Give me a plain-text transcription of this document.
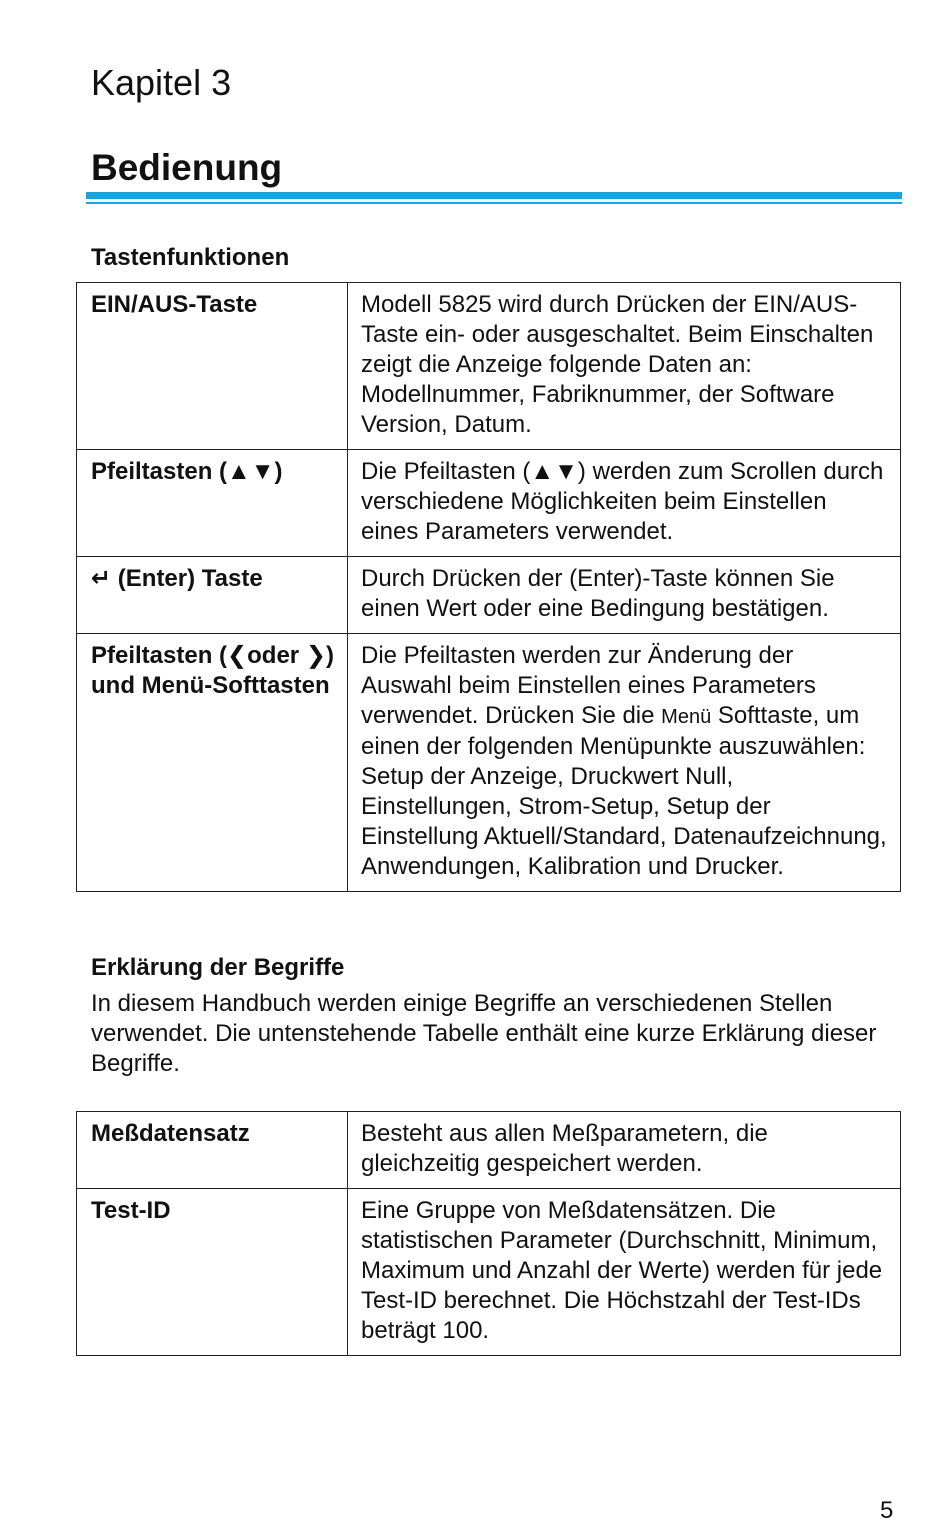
Kapitel 3
Bedienung
Tastenfunktionen
EIN/AUS-Taste	Modell 5825 wird durch Drücken der EIN/AUS-Taste ein- oder ausgeschaltet. Beim Einschalten zeigt die Anzeige folgende Daten an: Modellnummer, Fabriknummer, der Software Version, Datum.
Pfeiltasten (▲▼)	Die Pfeiltasten (▲▼) werden zum Scrollen durch verschiedene Möglichkeiten beim Einstellen eines Parameters verwendet.
↵ (Enter) Taste	Durch Drücken der (Enter)-Taste können Sie einen Wert oder eine Bedingung bestätigen.
Pfeiltasten (❮oder ❯) und Menü-Softtasten	Die Pfeiltasten werden zur Änderung der Auswahl beim Einstellen eines Parameters verwendet. Drücken Sie die Menü Softtaste, um einen der folgenden Menüpunkte auszuwählen: Setup der Anzeige, Druckwert Null, Einstellungen, Strom-Setup, Setup der Einstellung Aktuell/Standard, Datenaufzeichnung, Anwendungen, Kalibration und Drucker.
Erklärung der Begriffe
In diesem Handbuch werden einige Begriffe an verschiedenen Stellen verwendet. Die untenstehende Tabelle enthält eine kurze Erklärung dieser Begriffe.
Meßdatensatz	Besteht aus allen Meßparametern, die gleichzeitig gespeichert werden.
Test-ID	Eine Gruppe von Meßdatensätzen. Die statistischen Parameter (Durchschnitt, Minimum, Maximum und Anzahl der Werte) werden für jede Test-ID berechnet. Die Höchstzahl der Test-IDs beträgt 100.
5
